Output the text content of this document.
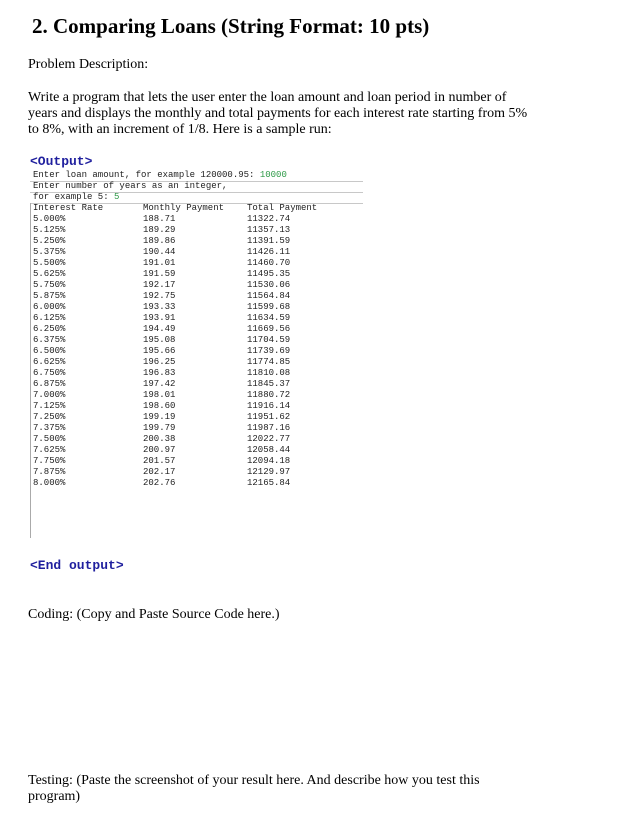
2. Comparing Loans (String Format: 10 pts)
Problem Description:
Write a program that lets the user enter the loan amount and loan period in number of
years and displays the monthly and total payments for each interest rate starting from 5%
to 8%, with an increment of 1/8. Here is a sample run:
<Output>

Enter loan amount, for example 120000.95: 10000

Enter number of years as an integer,

for example 5: 5

Interest Rate	Monthly Payment	Total Payment
5.000%	188.71	11322.74
5.125%	189.29	11357.13
5.250%	189.86	11391.59
5.375%	190.44	11426.11
5.500%	191.01	11460.70
5.625%	191.59	11495.35
5.750%	192.17	11530.06
5.875%	192.75	11564.84
6.000%	193.33	11599.68
6.125%	193.91	11634.59
6.250%	194.49	11669.56
6.375%	195.08	11704.59
6.500%	195.66	11739.69
6.625%	196.25	11774.85
6.750%	196.83	11810.08
6.875%	197.42	11845.37
7.000%	198.01	11880.72
7.125%	198.60	11916.14
7.250%	199.19	11951.62
7.375%	199.79	11987.16
7.500%	200.38	12022.77
7.625%	200.97	12058.44
7.750%	201.57	12094.18
7.875%	202.17	12129.97
8.000%	202.76	12165.84

<End output>
Coding: (Copy and Paste Source Code here.)
Testing: (Paste the screenshot of your result here. And describe how you test this
program)
